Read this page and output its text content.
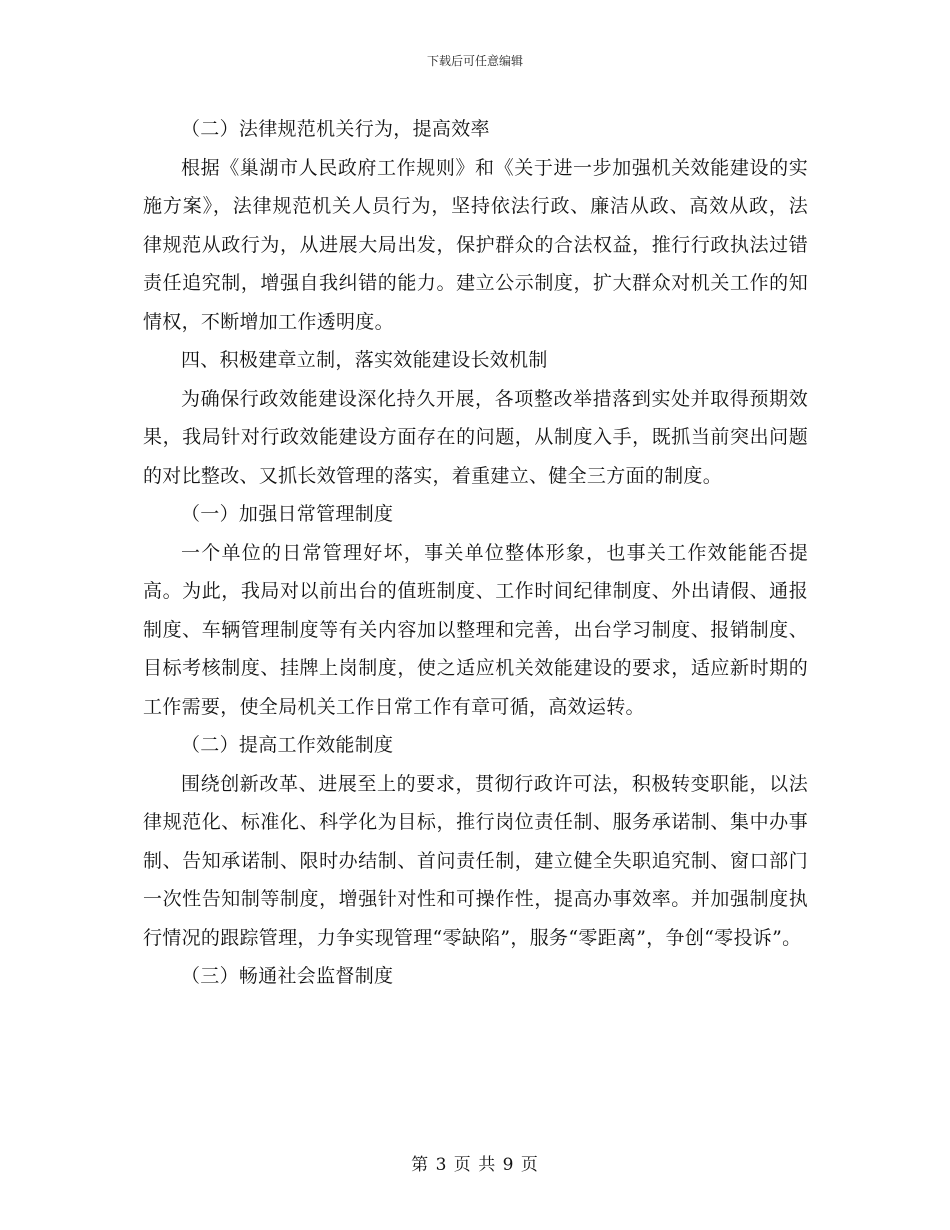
下载后可任意编辑

（二）法律规范机关行为，提高效率

根据《巢湖市人民政府工作规则》和《关于进一步加强机关效能建设的实施方案》，法律规范机关人员行为，坚持依法行政、廉洁从政、高效从政，法律规范从政行为，从进展大局出发，保护群众的合法权益，推行行政执法过错责任追究制，增强自我纠错的能力。建立公示制度，扩大群众对机关工作的知情权，不断增加工作透明度。

四、积极建章立制，落实效能建设长效机制

为确保行政效能建设深化持久开展，各项整改举措落到实处并取得预期效果，我局针对行政效能建设方面存在的问题，从制度入手，既抓当前突出问题的对比整改、又抓长效管理的落实，着重建立、健全三方面的制度。

（一）加强日常管理制度

一个单位的日常管理好坏，事关单位整体形象，也事关工作效能能否提高。为此，我局对以前出台的值班制度、工作时间纪律制度、外出请假、通报制度、车辆管理制度等有关内容加以整理和完善，出台学习制度、报销制度、目标考核制度、挂牌上岗制度，使之适应机关效能建设的要求，适应新时期的工作需要，使全局机关工作日常工作有章可循，高效运转。

（二）提高工作效能制度

围绕创新改革、进展至上的要求，贯彻行政许可法，积极转变职能，以法律规范化、标准化、科学化为目标，推行岗位责任制、服务承诺制、集中办事制、告知承诺制、限时办结制、首问责任制，建立健全失职追究制、窗口部门一次性告知制等制度，增强针对性和可操作性，提高办事效率。并加强制度执行情况的跟踪管理，力争实现管理“零缺陷”，服务“零距离”，争创“零投诉”。

（三）畅通社会监督制度

第 3 页 共 9 页
